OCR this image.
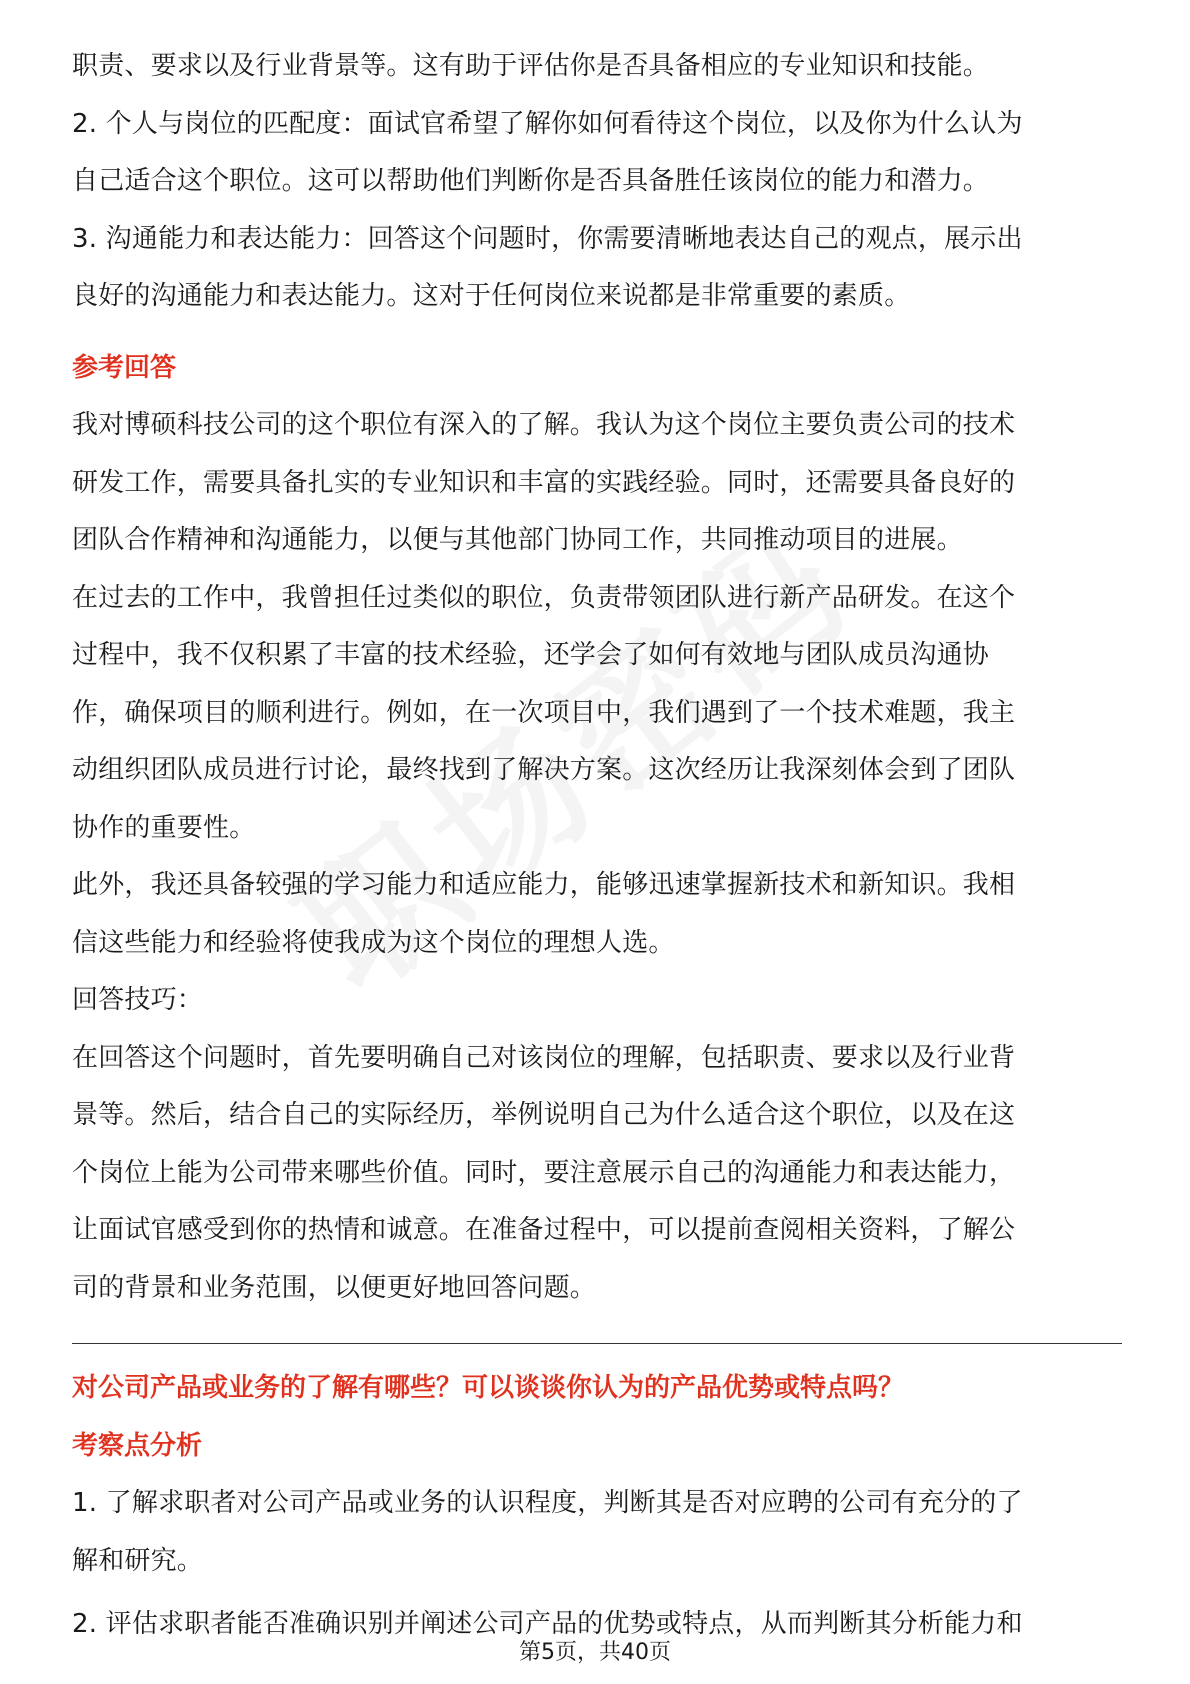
职责、要求以及行业背景等。这有助于评估你是否具备相应的专业知识和技能。

2. 个人与岗位的匹配度：面试官希望了解你如何看待这个岗位，以及你为什么认为

自己适合这个职位。这可以帮助他们判断你是否具备胜任该岗位的能力和潜力。

3. 沟通能力和表达能力：回答这个问题时，你需要清晰地表达自己的观点，展示出

良好的沟通能力和表达能力。这对于任何岗位来说都是非常重要的素质。

参考回答

我对博硕科技公司的这个职位有深入的了解。我认为这个岗位主要负责公司的技术

研发工作，需要具备扎实的专业知识和丰富的实践经验。同时，还需要具备良好的

团队合作精神和沟通能力，以便与其他部门协同工作，共同推动项目的进展。

在过去的工作中，我曾担任过类似的职位，负责带领团队进行新产品研发。在这个

过程中，我不仅积累了丰富的技术经验，还学会了如何有效地与团队成员沟通协

作，确保项目的顺利进行。例如，在一次项目中，我们遇到了一个技术难题，我主

动组织团队成员进行讨论，最终找到了解决方案。这次经历让我深刻体会到了团队

协作的重要性。

此外，我还具备较强的学习能力和适应能力，能够迅速掌握新技术和新知识。我相

信这些能力和经验将使我成为这个岗位的理想人选。

回答技巧：

在回答这个问题时，首先要明确自己对该岗位的理解，包括职责、要求以及行业背

景等。然后，结合自己的实际经历，举例说明自己为什么适合这个职位，以及在这

个岗位上能为公司带来哪些价值。同时，要注意展示自己的沟通能力和表达能力，

让面试官感受到你的热情和诚意。在准备过程中，可以提前查阅相关资料，了解公

司的背景和业务范围，以便更好地回答问题。

对公司产品或业务的了解有哪些？可以谈谈你认为的产品优势或特点吗？
考察点分析

1. 了解求职者对公司产品或业务的认识程度，判断其是否对应聘的公司有充分的了

解和研究。

2. 评估求职者能否准确识别并阐述公司产品的优势或特点，从而判断其分析能力和

第5页，共40页
